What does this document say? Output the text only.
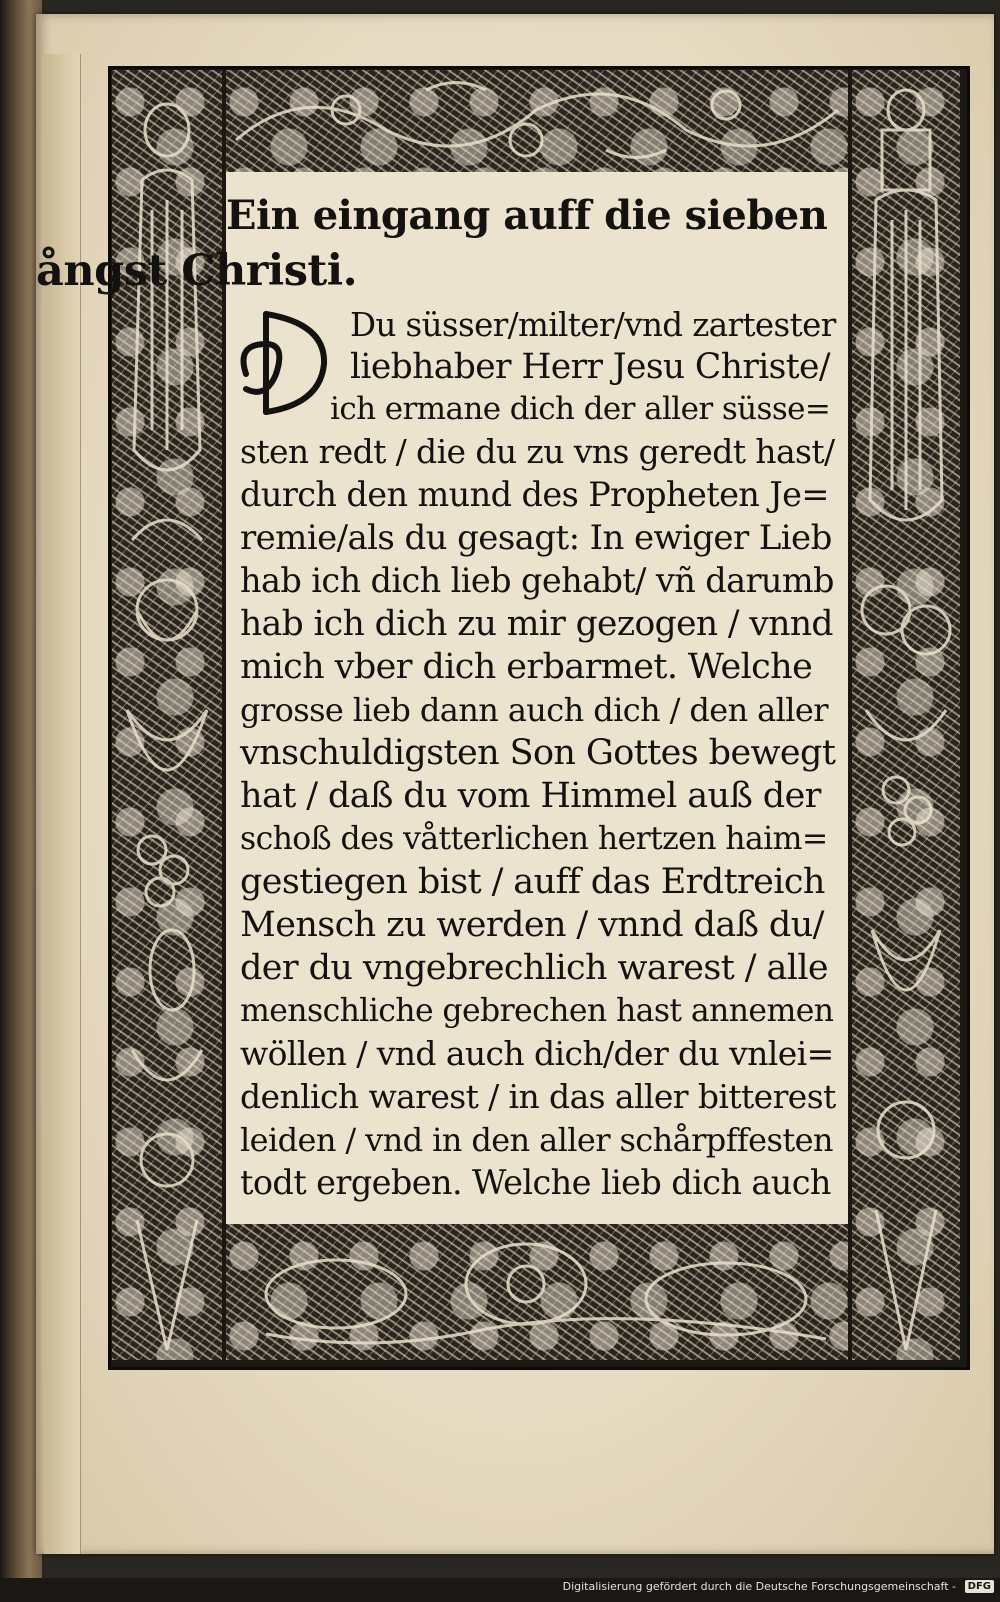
Ein eingang auff die sieben
ångst Christi.
Du süsser/milter/vnd zartester
liebhaber Herr Jesu Christe/
ich ermane dich der aller süsse=
sten redt / die du zu vns geredt hast/
durch den mund des Propheten Je=
remie/als du gesagt: In ewiger Lieb
hab ich dich lieb gehabt/ vñ darumb
hab ich dich zu mir gezogen / vnnd
mich vber dich erbarmet. Welche
grosse lieb dann auch dich / den aller
vnschuldigsten Son Gottes bewegt
hat / daß du vom Himmel auß der
schoß des våtterlichen hertzen haim=
gestiegen bist / auff das Erdtreich
Mensch zu werden / vnnd daß du/
der du vngebrechlich warest / alle
menschliche gebrechen hast annemen
wöllen / vnd auch dich/der du vnlei=
denlich warest / in das aller bitterest
leiden / vnd in den aller schårpffesten
todt ergeben. Welche lieb dich auch
Digitalisierung gefördert durch die Deutsche Forschungsgemeinschaft -	DFG
